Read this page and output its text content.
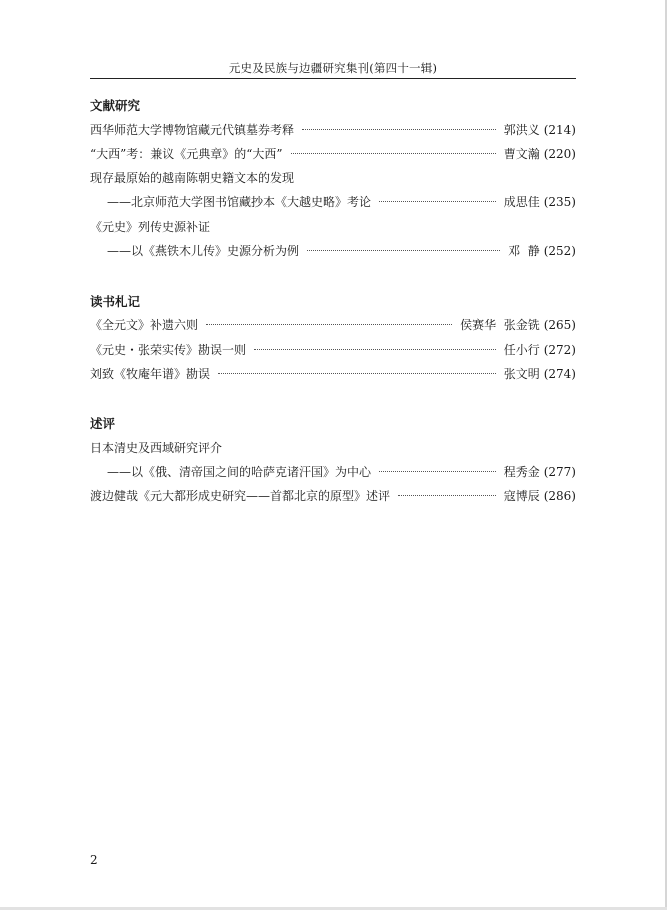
元史及民族与边疆研究集刊(第四十一辑)
文献研究
西华师范大学博物馆藏元代镇墓券考释	郭洪义 (214)
“大西”考：兼议《元典章》的“大西”	曹文瀚 (220)
现存最原始的越南陈朝史籍文本的发现
——北京师范大学图书馆藏抄本《大越史略》考论	成思佳 (235)
《元史》列传史源补证
——以《燕铁木儿传》史源分析为例	邓  静 (252)
读书札记
《全元文》补遗六则	侯赛华  张金铣 (265)
《元史・张荣实传》勘误一则	任小行 (272)
刘致《牧庵年谱》勘误	张文明 (274)
述评
日本清史及西域研究评介
——以《俄、清帝国之间的哈萨克诸汗国》为中心	程秀金 (277)
渡边健哉《元大都形成史研究——首都北京的原型》述评	寇博辰 (286)
2
